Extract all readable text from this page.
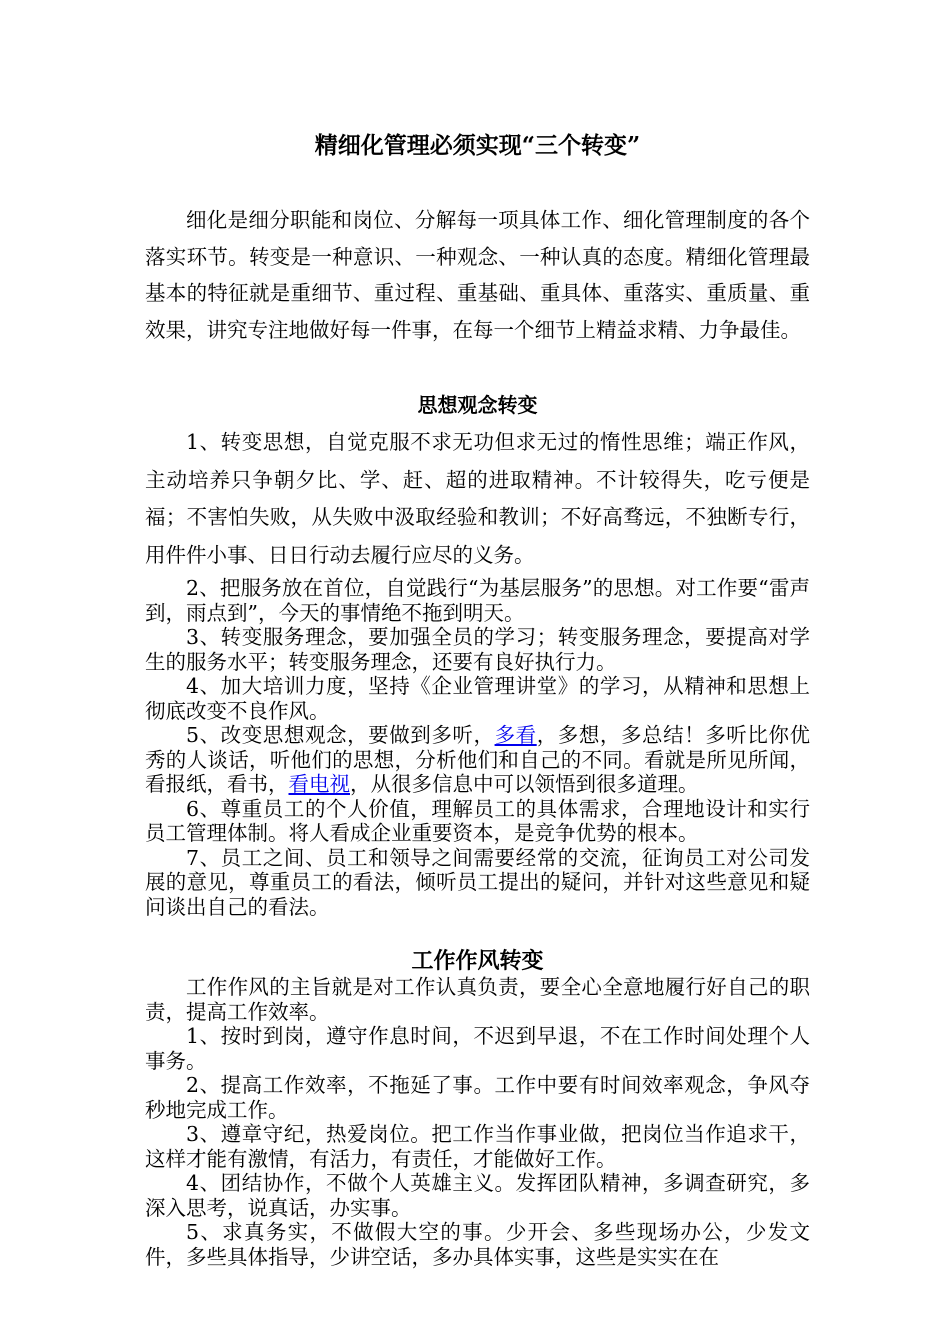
精细化管理必须实现“三个转变”

细化是细分职能和岗位、分解每一项具体工作、细化管理制度的各个落实环节。转变是一种意识、一种观念、一种认真的态度。精细化管理最基本的特征就是重细节、重过程、重基础、重具体、重落实、重质量、重效果，讲究专注地做好每一件事，在每一个细节上精益求精、力争最佳。

思想观念转变

1、转变思想，自觉克服不求无功但求无过的惰性思维；端正作风，主动培养只争朝夕比、学、赶、超的进取精神。不计较得失，吃亏便是福；不害怕失败，从失败中汲取经验和教训；不好高骛远，不独断专行，用件件小事、日日行动去履行应尽的义务。

2、把服务放在首位，自觉践行“为基层服务”的思想。对工作要“雷声到，雨点到”，今天的事情绝不拖到明天。

3、转变服务理念，要加强全员的学习；转变服务理念，要提高对学生的服务水平；转变服务理念，还要有良好执行力。

4、加大培训力度，坚持《企业管理讲堂》的学习，从精神和思想上彻底改变不良作风。

5、改变思想观念，要做到多听，多看，多想，多总结！多听比你优秀的人谈话，听他们的思想，分析他们和自己的不同。看就是所见所闻，看报纸，看书，看电视，从很多信息中可以领悟到很多道理。

6、尊重员工的个人价值，理解员工的具体需求，合理地设计和实行员工管理体制。将人看成企业重要资本，是竞争优势的根本。

7、员工之间、员工和领导之间需要经常的交流，征询员工对公司发展的意见，尊重员工的看法，倾听员工提出的疑问，并针对这些意见和疑问谈出自己的看法。

工作作风转变

工作作风的主旨就是对工作认真负责，要全心全意地履行好自己的职责，提高工作效率。

1、按时到岗，遵守作息时间，不迟到早退，不在工作时间处理个人事务。

2、提高工作效率，不拖延了事。工作中要有时间效率观念，争风夺秒地完成工作。

3、遵章守纪，热爱岗位。把工作当作事业做，把岗位当作追求干，这样才能有激情，有活力，有责任，才能做好工作。

4、团结协作，不做个人英雄主义。发挥团队精神，多调查研究，多深入思考，说真话，办实事。

5、求真务实，不做假大空的事。少开会、多些现场办公，少发文件，多些具体指导，少讲空话，多办具体实事，这些是实实在在
